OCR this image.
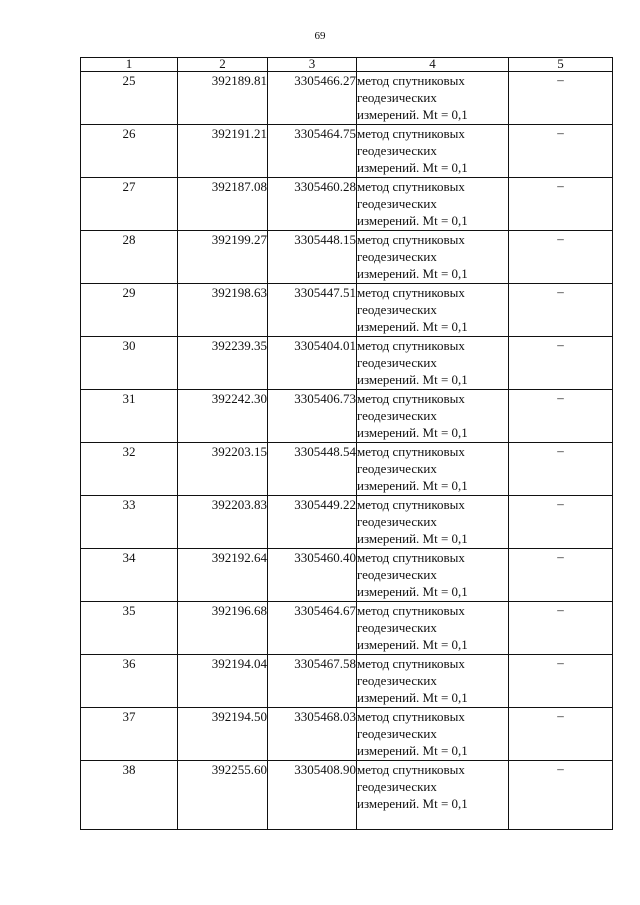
69
1	2	3	4	5
25	392189.81	3305466.27	метод спутниковых
геодезических
измерений. Mt = 0,1	–
26	392191.21	3305464.75	метод спутниковых
геодезических
измерений. Mt = 0,1	–
27	392187.08	3305460.28	метод спутниковых
геодезических
измерений. Mt = 0,1	–
28	392199.27	3305448.15	метод спутниковых
геодезических
измерений. Mt = 0,1	–
29	392198.63	3305447.51	метод спутниковых
геодезических
измерений. Mt = 0,1	–
30	392239.35	3305404.01	метод спутниковых
геодезических
измерений. Mt = 0,1	–
31	392242.30	3305406.73	метод спутниковых
геодезических
измерений. Mt = 0,1	–
32	392203.15	3305448.54	метод спутниковых
геодезических
измерений. Mt = 0,1	–
33	392203.83	3305449.22	метод спутниковых
геодезических
измерений. Mt = 0,1	–
34	392192.64	3305460.40	метод спутниковых
геодезических
измерений. Mt = 0,1	–
35	392196.68	3305464.67	метод спутниковых
геодезических
измерений. Mt = 0,1	–
36	392194.04	3305467.58	метод спутниковых
геодезических
измерений. Mt = 0,1	–
37	392194.50	3305468.03	метод спутниковых
геодезических
измерений. Mt = 0,1	–
38	392255.60	3305408.90	метод спутниковых
геодезических
измерений. Mt = 0,1	–
